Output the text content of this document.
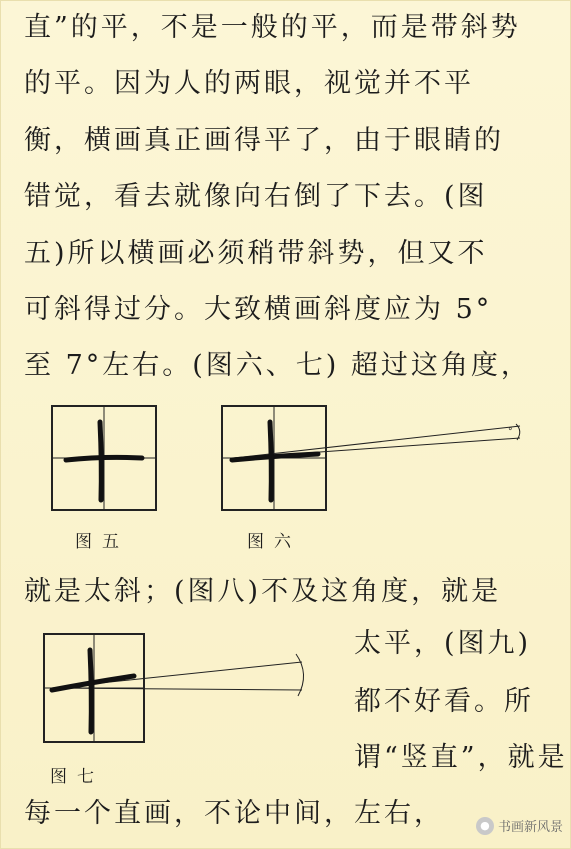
直”的平，不是一般的平，而是带斜势
的平。因为人的两眼，视觉并不平
衡，横画真正画得平了，由于眼睛的
错觉，看去就像向右倒了下去。(图
五)所以横画必须稍带斜势，但又不
可斜得过分。大致横画斜度应为 5°
至 7°左右。(图六、七) 超过这角度，
图五
°
图六
就是太斜；(图八)不及这角度，就是
图七
太平，(图九)
都不好看。所
谓“竖直”，就是
每一个直画，不论中间，左右，	● 书画新风景
